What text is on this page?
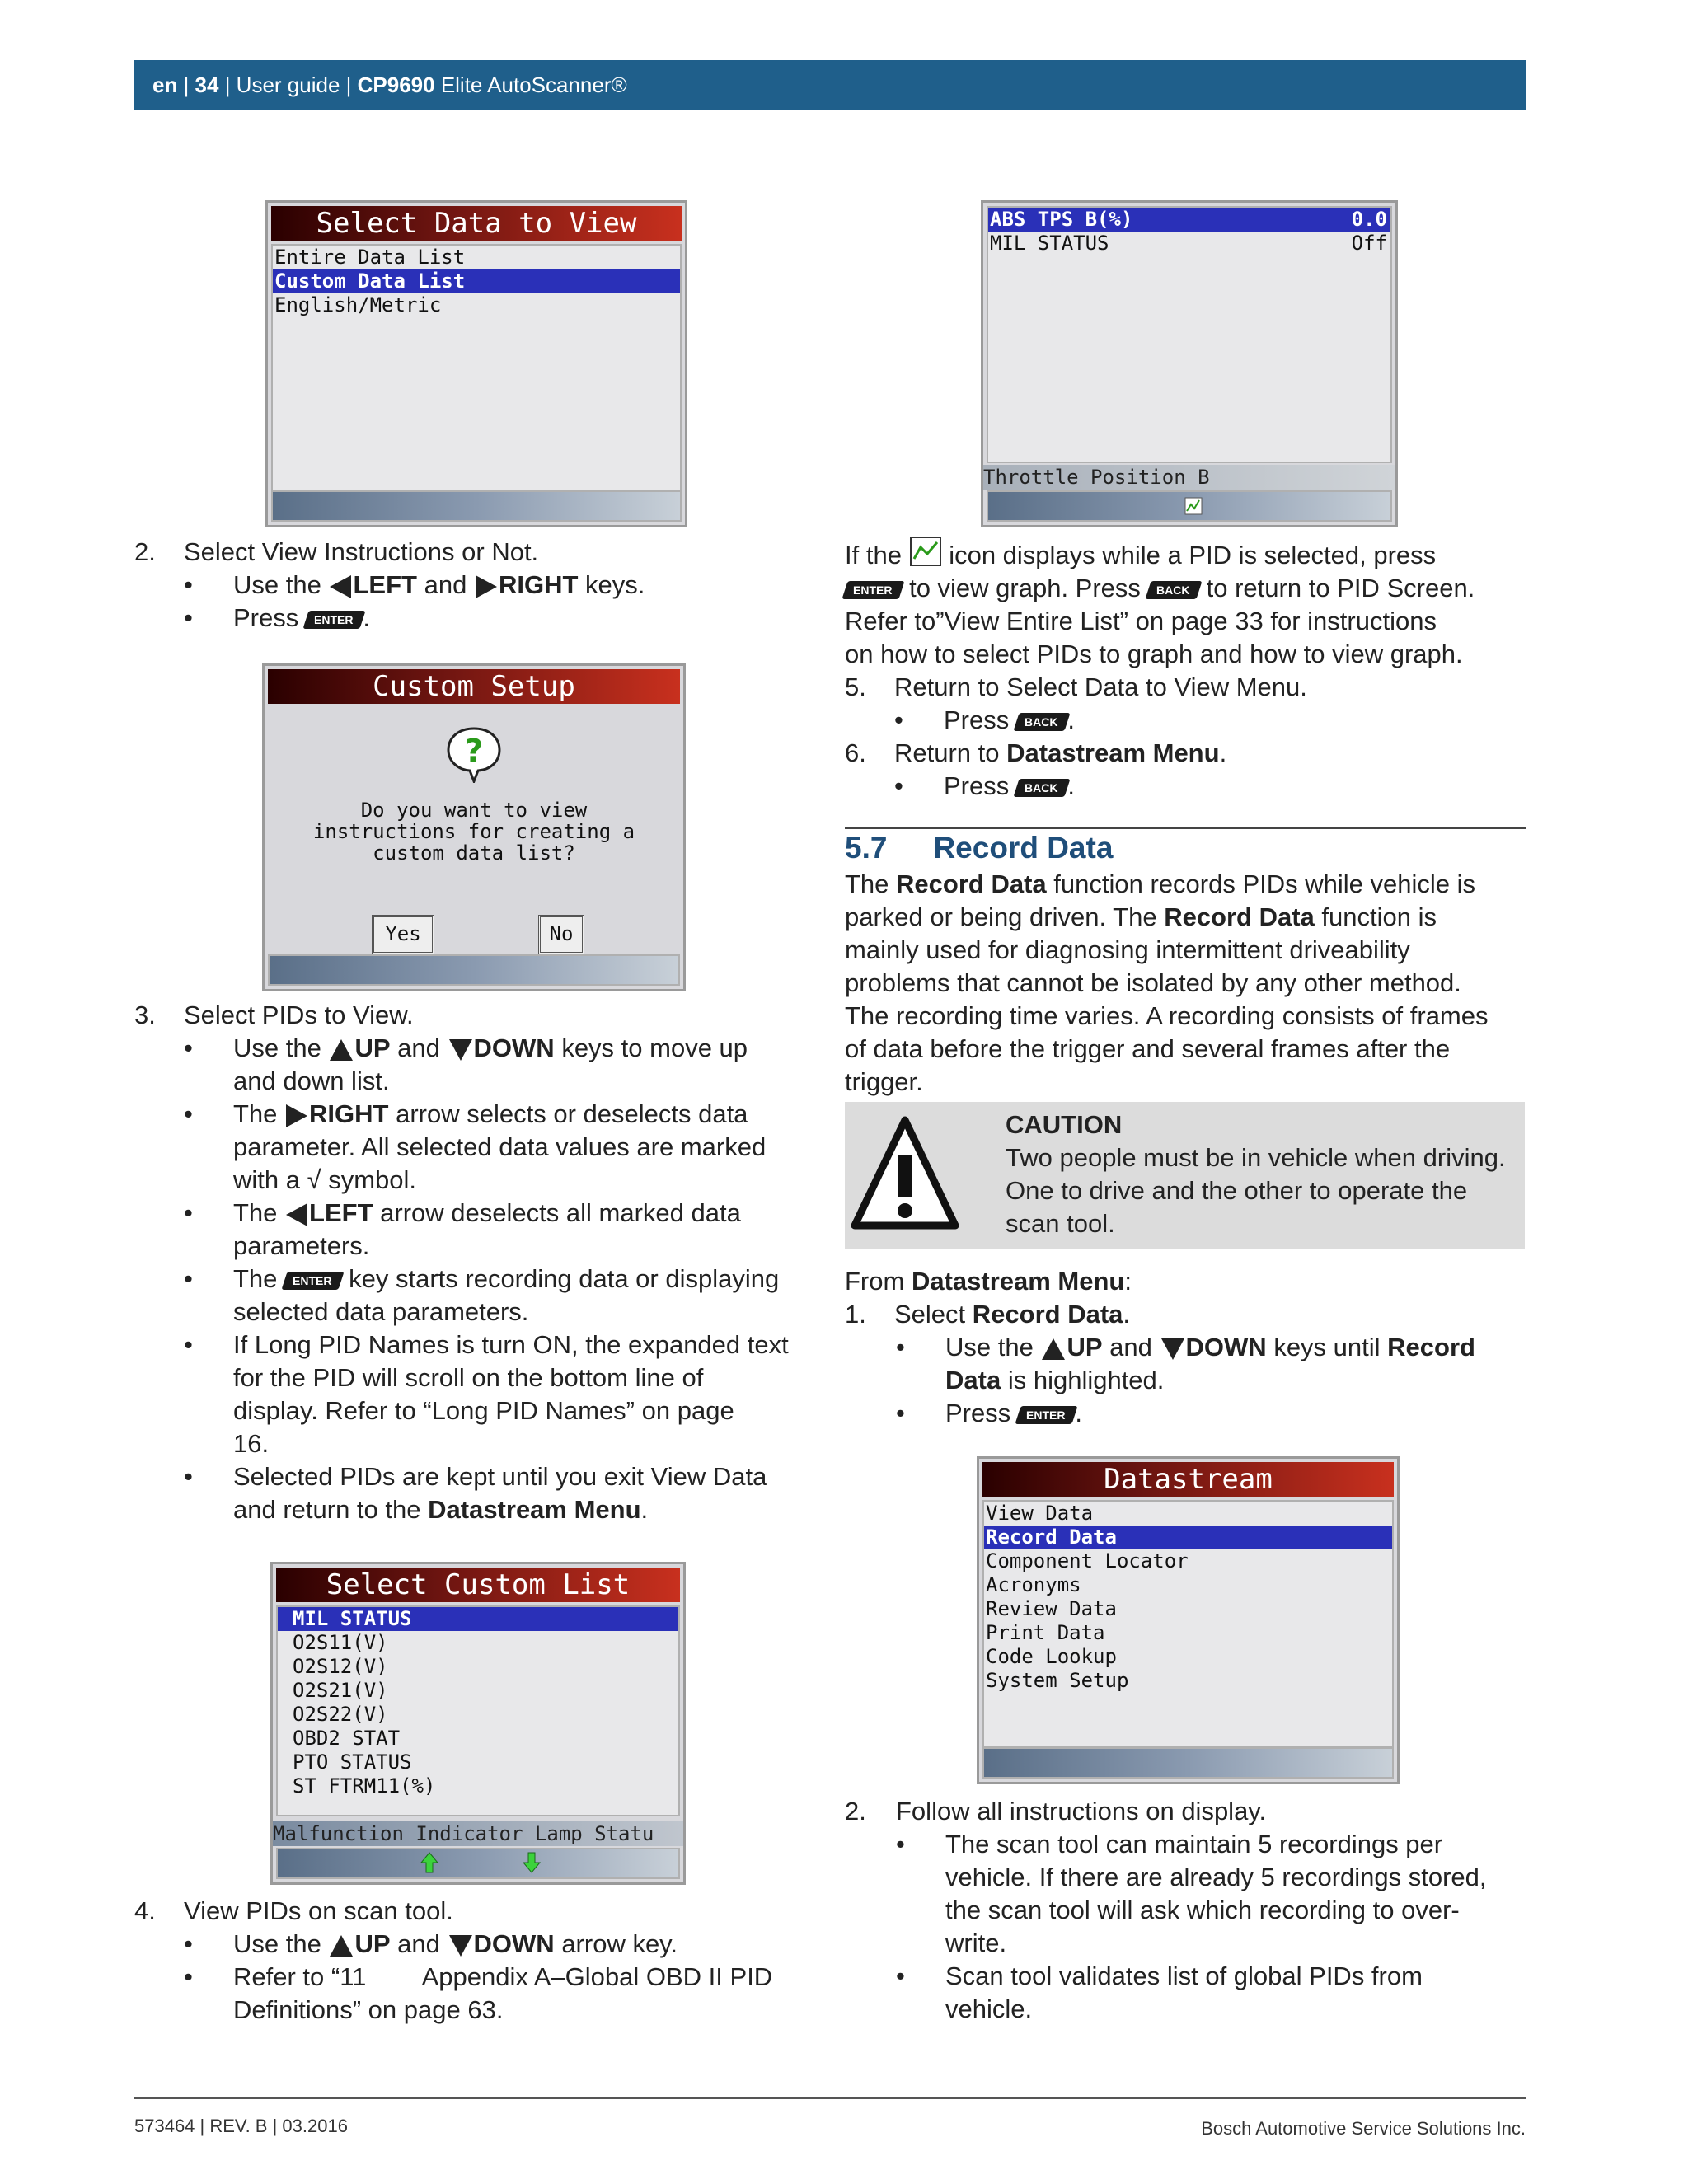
en | 34 | User guide | CP9690 Elite AutoScanner®
Select Data to View
Entire Data List
Custom Data List
English/Metric
2.	Select View Instructions or Not.

• Use the LEFT and RIGHT keys.
• Press ENTER .
Custom Setup
?
Do you want to view
instructions for creating a
custom data list?
Yes	No
3.	Select PIDs to View.

• Use the UP and DOWN keys to move up
and down list.
• The RIGHT arrow selects or deselects data
parameter. All selected data values are marked
with a √ symbol.
• The LEFT arrow deselects all marked data
parameters.
• The ENTER key starts recording data or displaying
selected data parameters.
• If Long PID Names is turn ON, the expanded text
for the PID will scroll on the bottom line of
display. Refer to “Long PID Names” on page
16.
• Selected PIDs are kept until you exit View Data
and return to the Datastream Menu.
Select Custom List
MIL STATUS
O2S11(V)
O2S12(V)
O2S21(V)
O2S22(V)
OBD2 STAT
PTO STATUS
ST FTRM11(%)
Malfunction Indicator Lamp Statu
4.	View PIDs on scan tool.

• Use the UP and DOWN arrow key.
• Refer to “11        Appendix A–Global OBD II PID
Definitions” on page 63.
ABS TPS B(%)	0.0
MIL STATUS	Off
Throttle Position B

If the icon displays while a PID is selected, press

ENTER to view graph. Press BACK to return to PID Screen.

Refer to”View Entire List” on page 33 for instructions

on how to select PIDs to graph and how to view graph.

5.	Return to Select Data to View Menu.

• Press BACK .
6.	Return to Datastream Menu.

• Press BACK .
5.7 Record Data

The Record Data function records PIDs while vehicle is

parked or being driven. The Record Data function is

mainly used for diagnosing intermittent driveability

problems that cannot be isolated by any other method.

The recording time varies. A recording consists of frames

of data before the trigger and several frames after the

trigger.

CAUTION
Two people must be in vehicle when driving.
One to drive and the other to operate the
scan tool.

From Datastream Menu:

1.	Select Record Data.

• Use the UP and DOWN keys until Record
Data is highlighted.
• Press ENTER .
Datastream
View Data
Record Data
Component Locator
Acronyms
Review Data
Print Data
Code Lookup
System Setup
2.	Follow all instructions on display.

• The scan tool can maintain 5 recordings per
vehicle. If there are already 5 recordings stored,
the scan tool will ask which recording to over-
write.
• Scan tool validates list of global PIDs from
vehicle.
573464 | REV. B | 03.2016	Bosch Automotive Service Solutions Inc.
